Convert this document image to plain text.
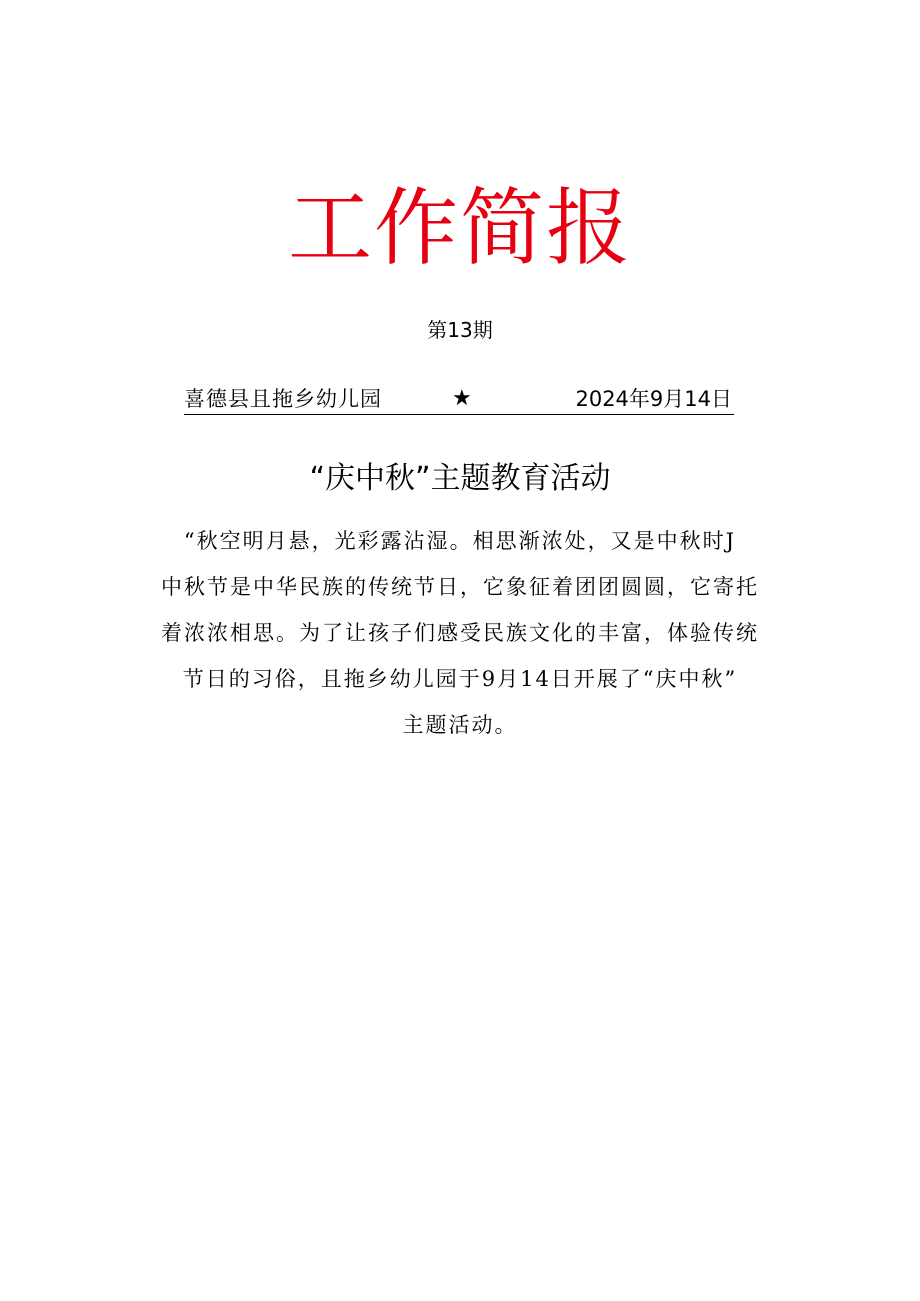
工作简报
第13期
喜德县且拖乡幼儿园	★	2024年9月14日
“庆中秋”主题教育活动
“秋空明月悬，光彩露沾湿。相思渐浓处，又是中秋时J
中秋节是中华民族的传统节日，它象征着团团圆圆，它寄托
着浓浓相思。为了让孩子们感受民族文化的丰富，体验传统
节日的习俗，且拖乡幼儿园于9月14日开展了“庆中秋”
主题活动。
